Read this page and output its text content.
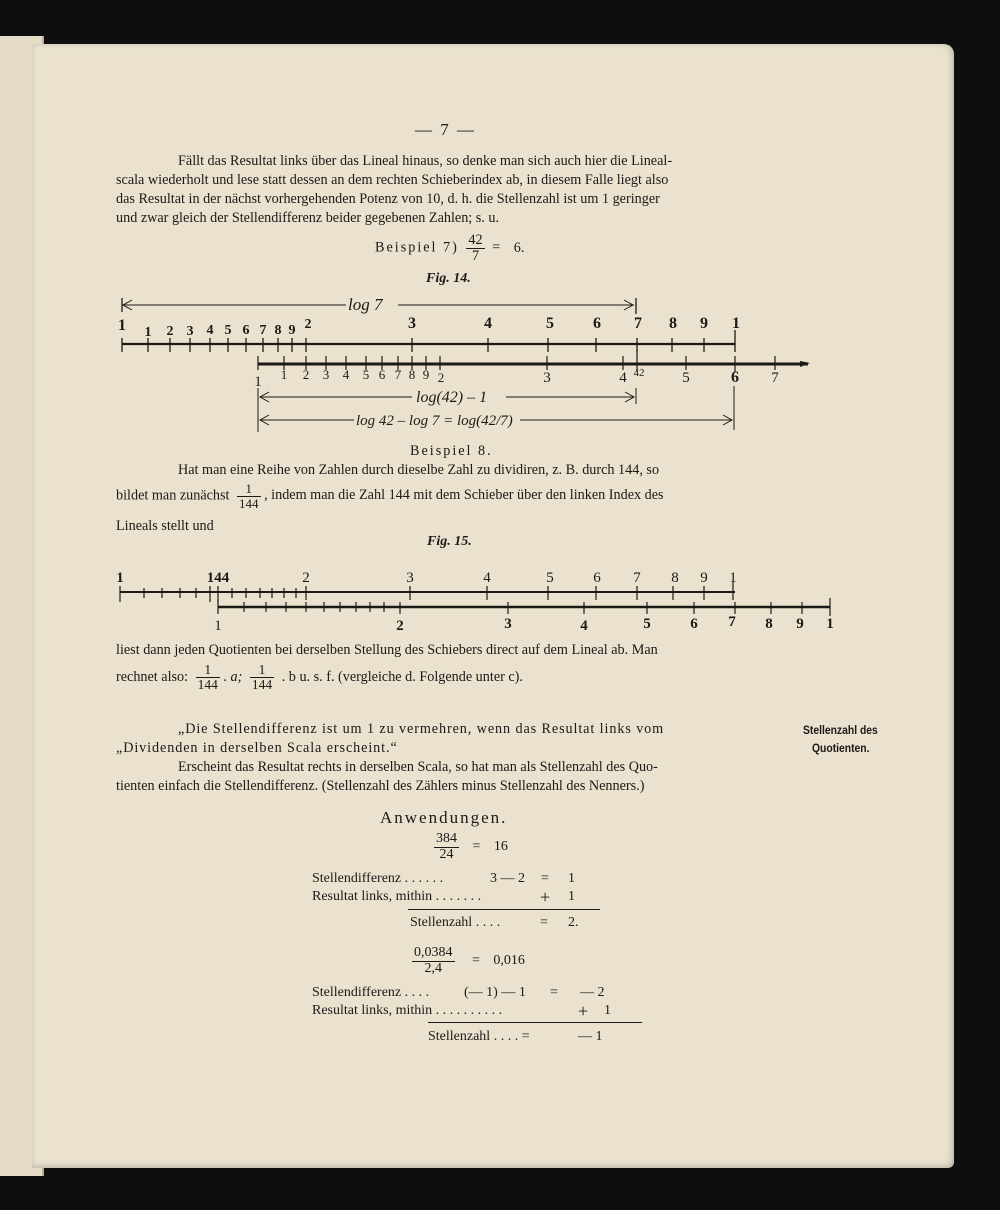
— 7 —
Fällt das Resultat links über das Lineal hinaus, so denke man sich auch hier die Lineal-
scala wiederholt und lese statt dessen an dem rechten Schieberindex ab, in diesem Falle liegt also
das Resultat in der nächst vorhergehenden Potenz von 10, d. h. die Stellenzahl ist um 1 geringer
und zwar gleich der Stellendifferenz beider gegebenen Zahlen; s. u.
Beispiel $7) \frac{42}{7} = 6$.
Fig. 14.
log 7
1 1 2 3 4 5 6 7 8 9 2	3	4	5 6 7 8 9 1
1 1 2 3 4 5 6 7 8 9 2	3	4 42	5	6 7
log(42) – 1
log 42 – log 7 = log(42/7)
Beispiel 8.
Hat man eine Reihe von Zahlen durch dieselbe Zahl zu dividiren, z. B. durch 144, so
bildet man zunächst $\frac{1}{144}$ , indem man die Zahl 144 mit dem Schieber über den linken Index des
Lineals stellt und
Fig. 15.
1	144	2	3	4	5	6 7 8 9 1
1	2	3	4	5	6 7 8 9 1
liest dann jeden Quotienten bei derselben Stellung des Schiebers direct auf dem Lineal ab. Man
rechnet also: $\frac{1}{144}$ . a; $\frac{1}{144}$ . b u. s. f. (vergleiche d. Folgende unter c).
„Die Stellendifferenz ist um 1 zu vermehren, wenn das Resultat links vom
„Dividenden in derselben Scala erscheint.“
Stellenzahl des
Quotienten.
Erscheint das Resultat rechts in derselben Scala, so hat man als Stellenzahl des Quo-
tienten einfach die Stellendifferenz. (Stellenzahl des Zählers minus Stellenzahl des Nenners.)
Anwendungen.
$\frac{384}{24} = 16$
Stellendifferenz . . . . . .	3 — 2 = 1
Resultat links, mithin . . . . . . .	+ 1
Stellenzahl . . . .	= 2.
$\frac{0,0384}{2,4} = 0,016$
Stellendifferenz . . . . (— 1) — 1 = — 2
Resultat links, mithin . . . . . . . . . .	+ 1
Stellenzahl . . . . =	— 1
